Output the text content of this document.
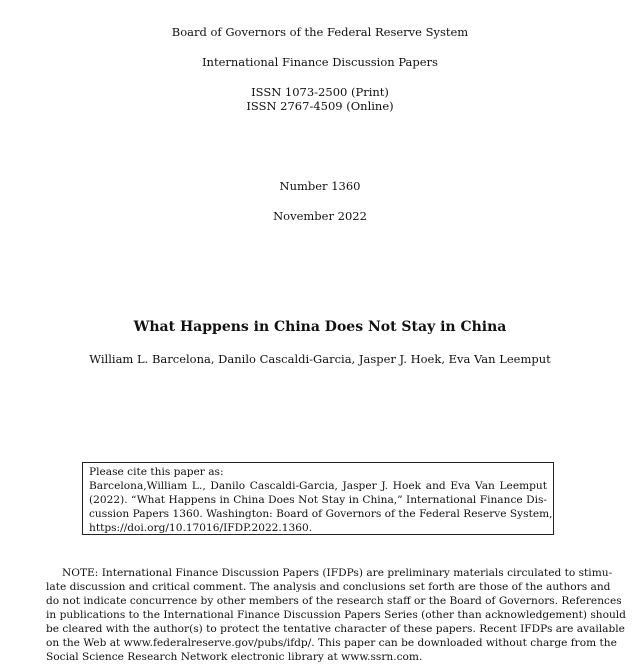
Board of Governors of the Federal Reserve System
International Finance Discussion Papers
ISSN 1073-2500 (Print)
ISSN 2767-4509 (Online)
Number 1360
November 2022
What Happens in China Does Not Stay in China
William L. Barcelona, Danilo Cascaldi-Garcia, Jasper J. Hoek, Eva Van Leemput
Please cite this paper as:
Barcelona,William L., Danilo Cascaldi-Garcia, Jasper J. Hoek and Eva Van Leemput
(2022). “What Happens in China Does Not Stay in China,” International Finance Dis-
cussion Papers 1360. Washington: Board of Governors of the Federal Reserve System,
https://doi.org/10.17016/IFDP.2022.1360.
NOTE: International Finance Discussion Papers (IFDPs) are preliminary materials circulated to stimu-
late discussion and critical comment. The analysis and conclusions set forth are those of the authors and
do not indicate concurrence by other members of the research staff or the Board of Governors. References
in publications to the International Finance Discussion Papers Series (other than acknowledgement) should
be cleared with the author(s) to protect the tentative character of these papers. Recent IFDPs are available
on the Web at www.federalreserve.gov/pubs/ifdp/. This paper can be downloaded without charge from the
Social Science Research Network electronic library at www.ssrn.com.
